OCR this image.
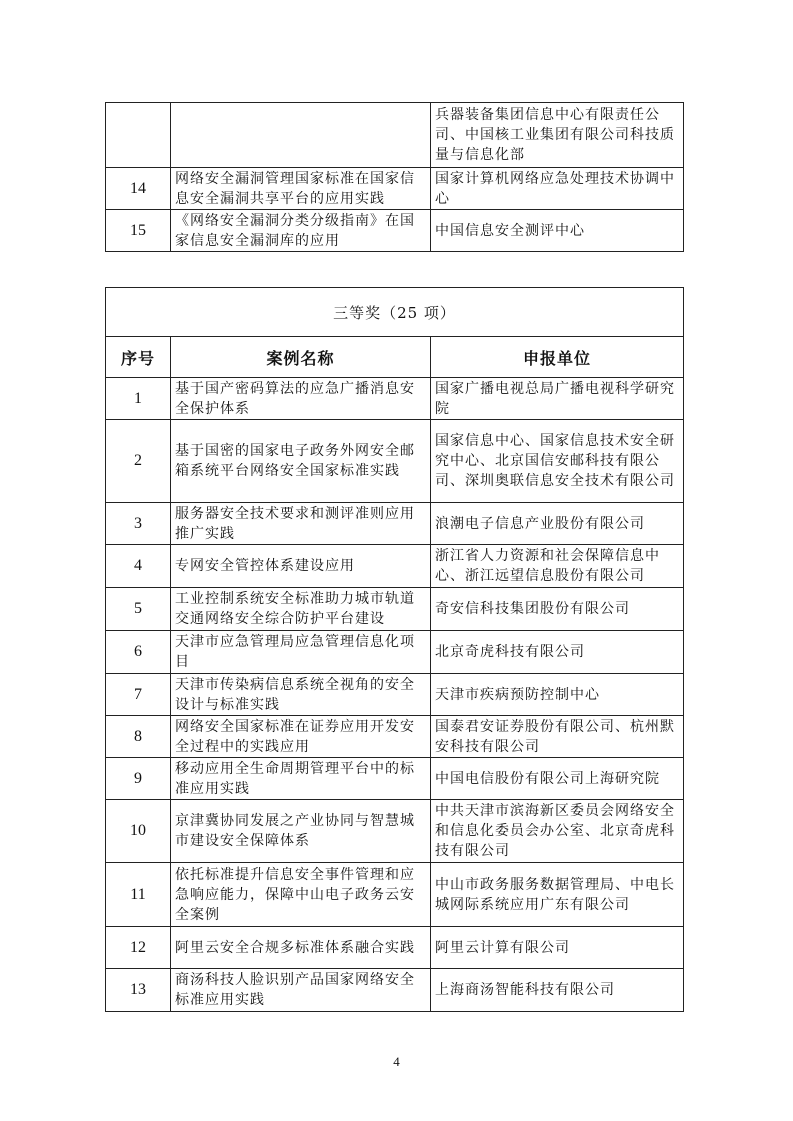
		兵器装备集团信息中心有限责任公司、中国核工业集团有限公司科技质量与信息化部
14	网络安全漏洞管理国家标准在国家信息安全漏洞共享平台的应用实践	国家计算机网络应急处理技术协调中心
15	《网络安全漏洞分类分级指南》在国家信息安全漏洞库的应用	中国信息安全测评中心
三等奖（25 项）		
序号	案例名称	申报单位
1	基于国产密码算法的应急广播消息安全保护体系	国家广播电视总局广播电视科学研究院
2	基于国密的国家电子政务外网安全邮箱系统平台网络安全国家标准实践	国家信息中心、国家信息技术安全研究中心、北京国信安邮科技有限公司、深圳奥联信息安全技术有限公司
3	服务器安全技术要求和测评准则应用推广实践	浪潮电子信息产业股份有限公司
4	专网安全管控体系建设应用	浙江省人力资源和社会保障信息中心、浙江远望信息股份有限公司
5	工业控制系统安全标准助力城市轨道交通网络安全综合防护平台建设	奇安信科技集团股份有限公司
6	天津市应急管理局应急管理信息化项目	北京奇虎科技有限公司
7	天津市传染病信息系统全视角的安全设计与标准实践	天津市疾病预防控制中心
8	网络安全国家标准在证券应用开发安全过程中的实践应用	国泰君安证券股份有限公司、杭州默安科技有限公司
9	移动应用全生命周期管理平台中的标准应用实践	中国电信股份有限公司上海研究院
10	京津冀协同发展之产业协同与智慧城市建设安全保障体系	中共天津市滨海新区委员会网络安全和信息化委员会办公室、北京奇虎科技有限公司
11	依托标准提升信息安全事件管理和应急响应能力，保障中山电子政务云安全案例	中山市政务服务数据管理局、中电长城网际系统应用广东有限公司
12	阿里云安全合规多标准体系融合实践	阿里云计算有限公司
13	商汤科技人脸识别产品国家网络安全标准应用实践	上海商汤智能科技有限公司
4
